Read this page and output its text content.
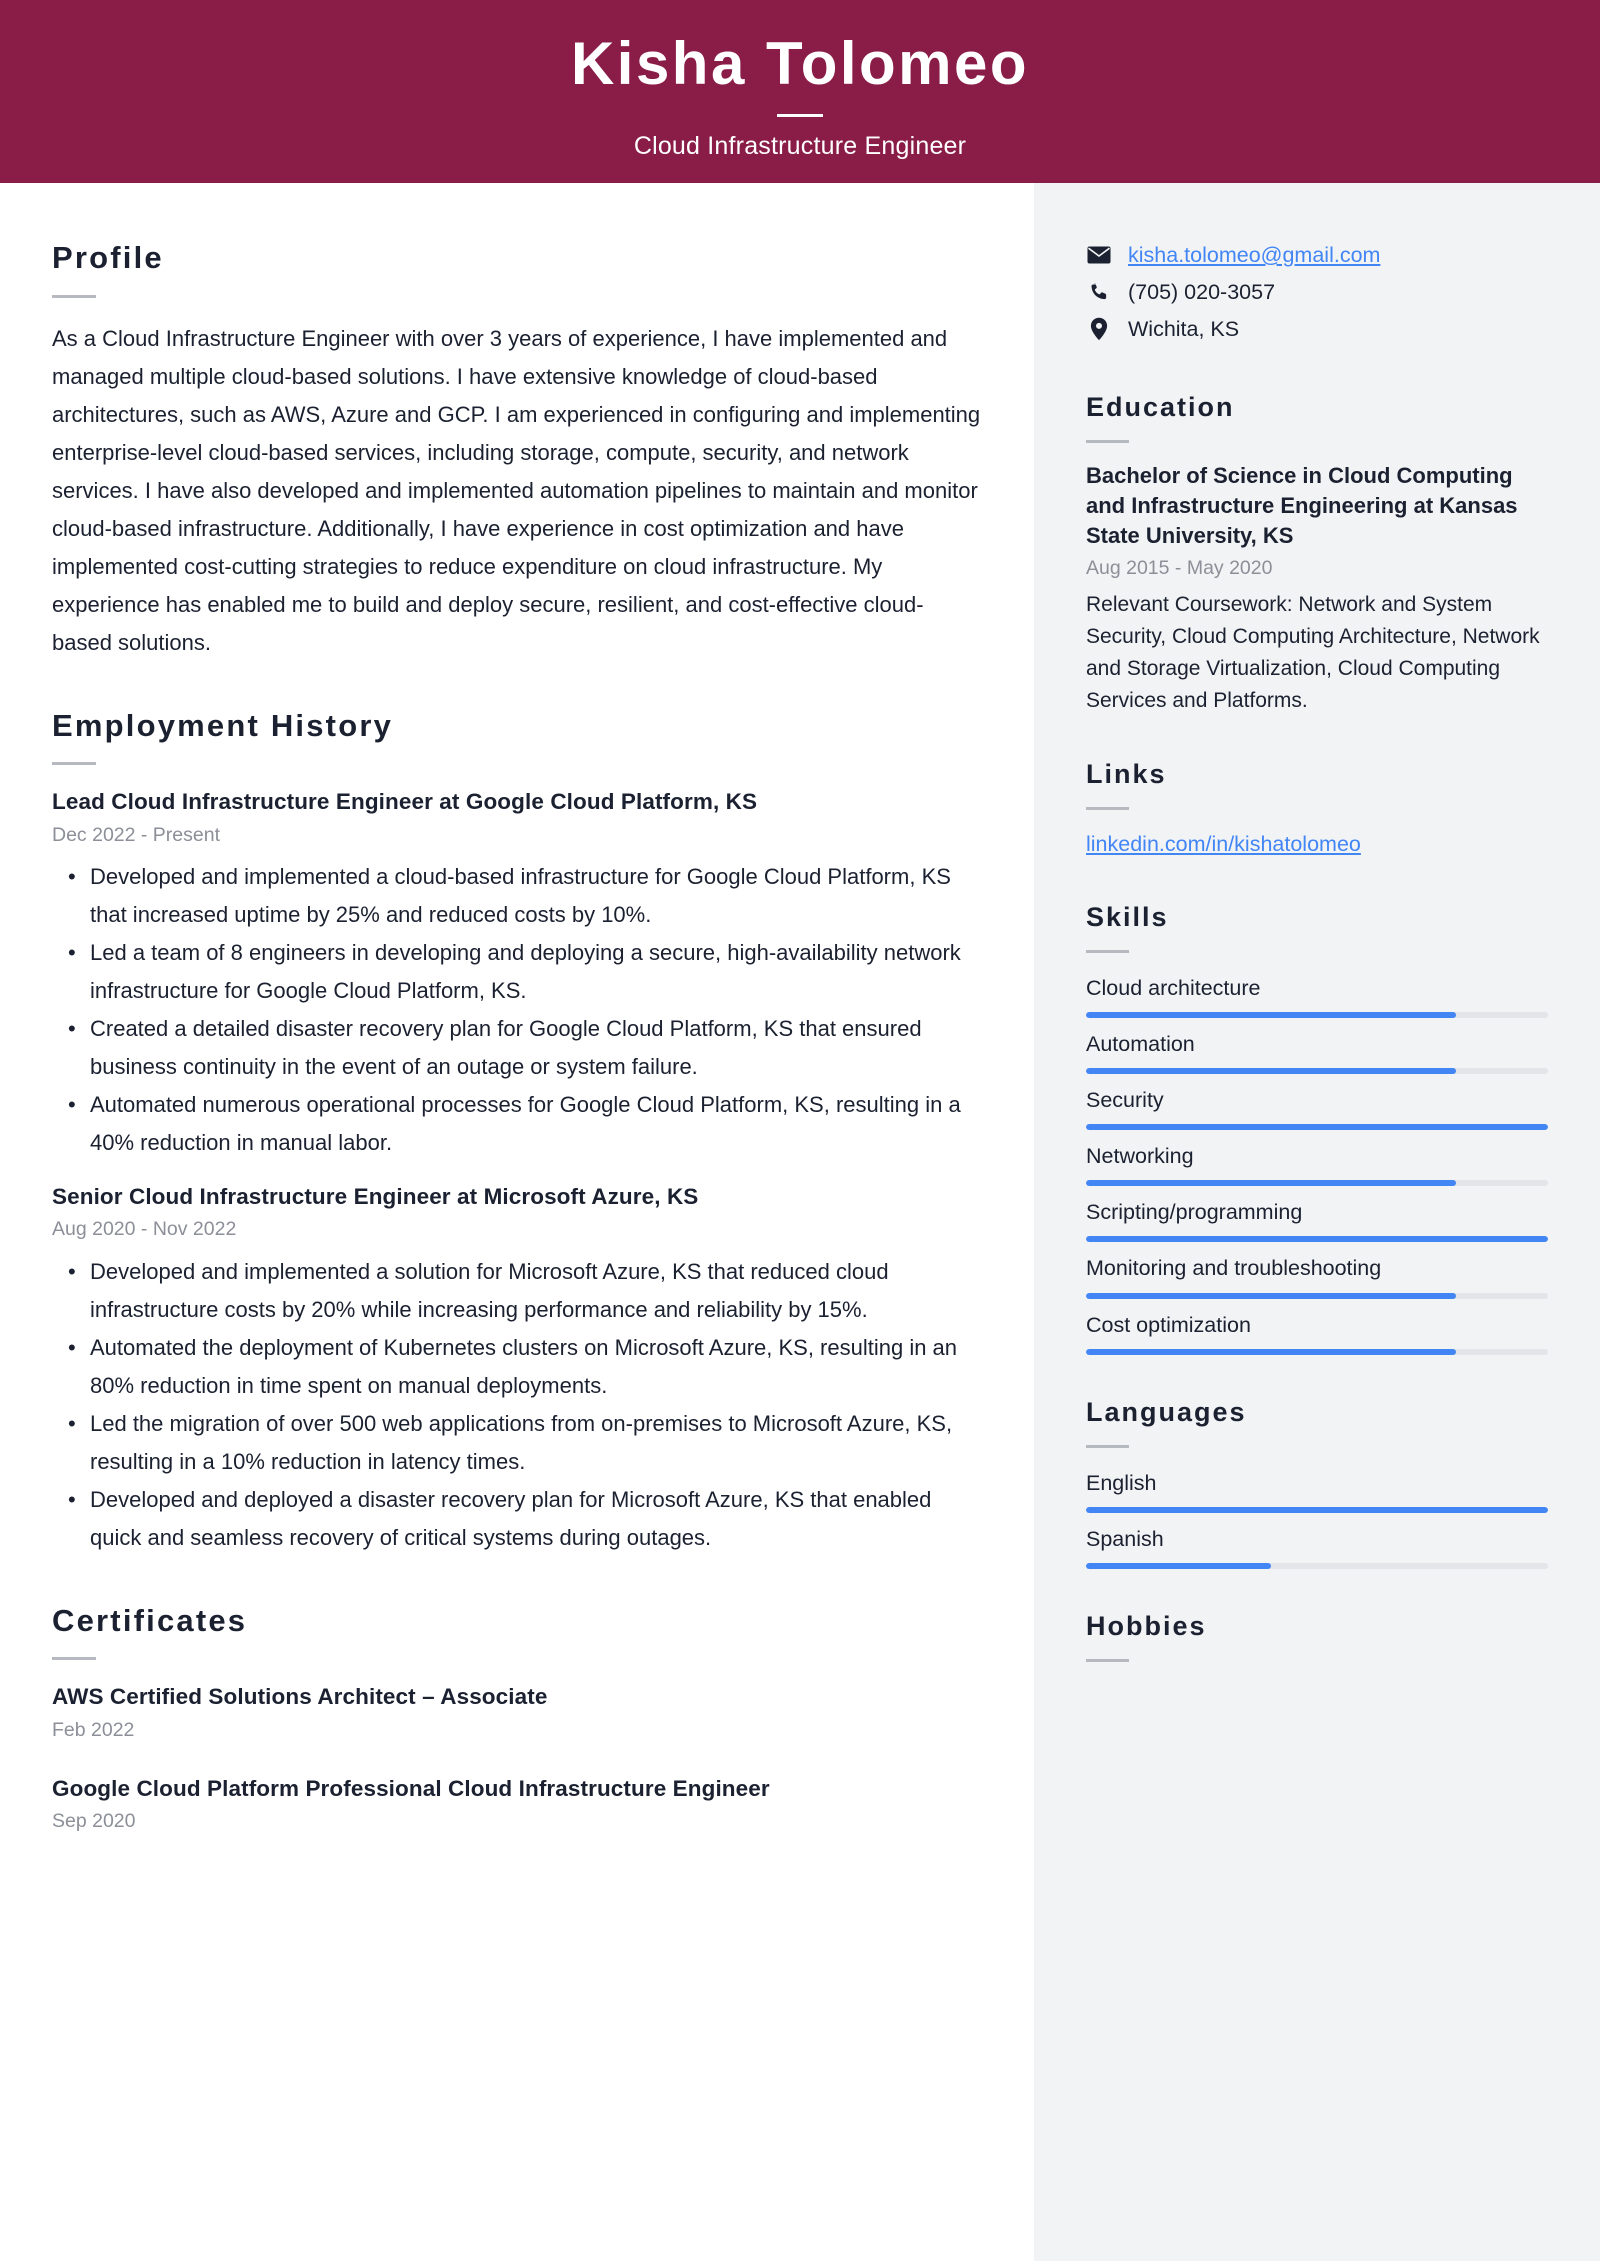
Kisha Tolomeo
Cloud Infrastructure Engineer
Profile
As a Cloud Infrastructure Engineer with over 3 years of experience, I have implemented and managed multiple cloud-based solutions. I have extensive knowledge of cloud-based architectures, such as AWS, Azure and GCP. I am experienced in configuring and implementing enterprise-level cloud-based services, including storage, compute, security, and network services. I have also developed and implemented automation pipelines to maintain and monitor cloud-based infrastructure. Additionally, I have experience in cost optimization and have implemented cost-cutting strategies to reduce expenditure on cloud infrastructure. My experience has enabled me to build and deploy secure, resilient, and cost-effective cloud-based solutions.
Employment History
Lead Cloud Infrastructure Engineer at Google Cloud Platform, KS
Dec 2022 - Present
• Developed and implemented a cloud-based infrastructure for Google Cloud Platform, KS that increased uptime by 25% and reduced costs by 10%.
• Led a team of 8 engineers in developing and deploying a secure, high-availability network infrastructure for Google Cloud Platform, KS.
• Created a detailed disaster recovery plan for Google Cloud Platform, KS that ensured business continuity in the event of an outage or system failure.
• Automated numerous operational processes for Google Cloud Platform, KS, resulting in a 40% reduction in manual labor.
Senior Cloud Infrastructure Engineer at Microsoft Azure, KS
Aug 2020 - Nov 2022
• Developed and implemented a solution for Microsoft Azure, KS that reduced cloud infrastructure costs by 20% while increasing performance and reliability by 15%.
• Automated the deployment of Kubernetes clusters on Microsoft Azure, KS, resulting in an 80% reduction in time spent on manual deployments.
• Led the migration of over 500 web applications from on-premises to Microsoft Azure, KS, resulting in a 10% reduction in latency times.
• Developed and deployed a disaster recovery plan for Microsoft Azure, KS that enabled quick and seamless recovery of critical systems during outages.
Certificates
AWS Certified Solutions Architect – Associate
Feb 2022
Google Cloud Platform Professional Cloud Infrastructure Engineer
Sep 2020
kisha.tolomeo@gmail.com
(705) 020-3057
Wichita, KS
Education
Bachelor of Science in Cloud Computing and Infrastructure Engineering at Kansas State University, KS
Aug 2015 - May 2020
Relevant Coursework: Network and System Security, Cloud Computing Architecture, Network and Storage Virtualization, Cloud Computing Services and Platforms.
Links
linkedin.com/in/kishatolomeo
Skills
Cloud architecture
Automation
Security
Networking
Scripting/programming
Monitoring and troubleshooting
Cost optimization
Languages
English
Spanish
Hobbies
